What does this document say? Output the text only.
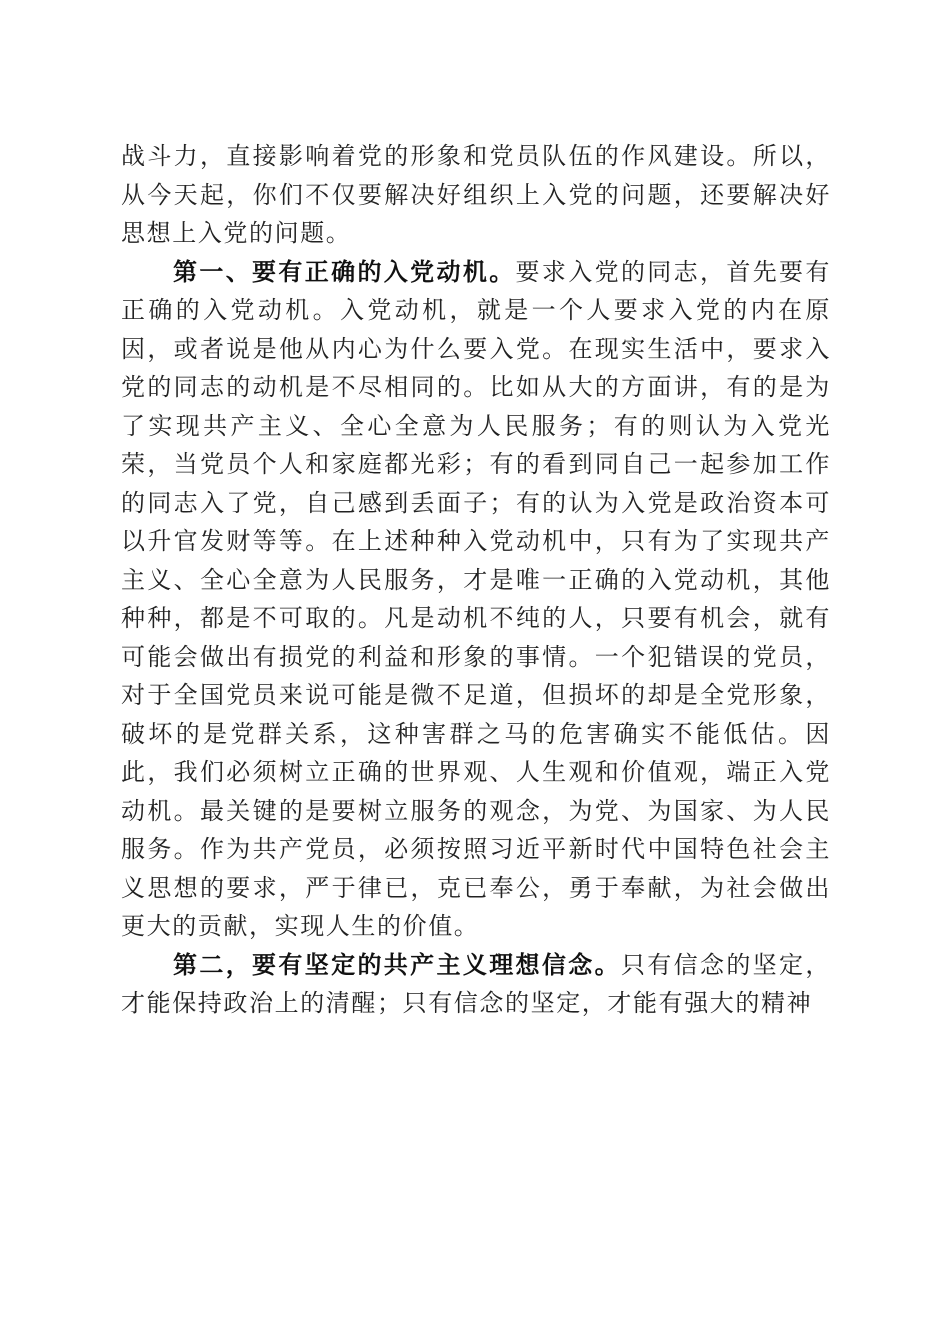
战斗力，直接影响着党的形象和党员队伍的作风建设。所以，从今天起，你们不仅要解决好组织上入党的问题，还要解决好思想上入党的问题。

第一、要有正确的入党动机。要求入党的同志，首先要有正确的入党动机。入党动机，就是一个人要求入党的内在原因，或者说是他从内心为什么要入党。在现实生活中，要求入党的同志的动机是不尽相同的。比如从大的方面讲，有的是为了实现共产主义、全心全意为人民服务；有的则认为入党光荣，当党员个人和家庭都光彩；有的看到同自己一起参加工作的同志入了党，自己感到丢面子；有的认为入党是政治资本可以升官发财等等。在上述种种入党动机中，只有为了实现共产主义、全心全意为人民服务，才是唯一正确的入党动机，其他种种，都是不可取的。凡是动机不纯的人，只要有机会，就有可能会做出有损党的利益和形象的事情。一个犯错误的党员，对于全国党员来说可能是微不足道，但损坏的却是全党形象，破坏的是党群关系，这种害群之马的危害确实不能低估。因此，我们必须树立正确的世界观、人生观和价值观，端正入党动机。最关键的是要树立服务的观念，为党、为国家、为人民服务。作为共产党员，必须按照习近平新时代中国特色社会主义思想的要求，严于律已，克已奉公，勇于奉献，为社会做出更大的贡献，实现人生的价值。

第二，要有坚定的共产主义理想信念。只有信念的坚定，才能保持政治上的清醒；只有信念的坚定，才能有强大的精神
